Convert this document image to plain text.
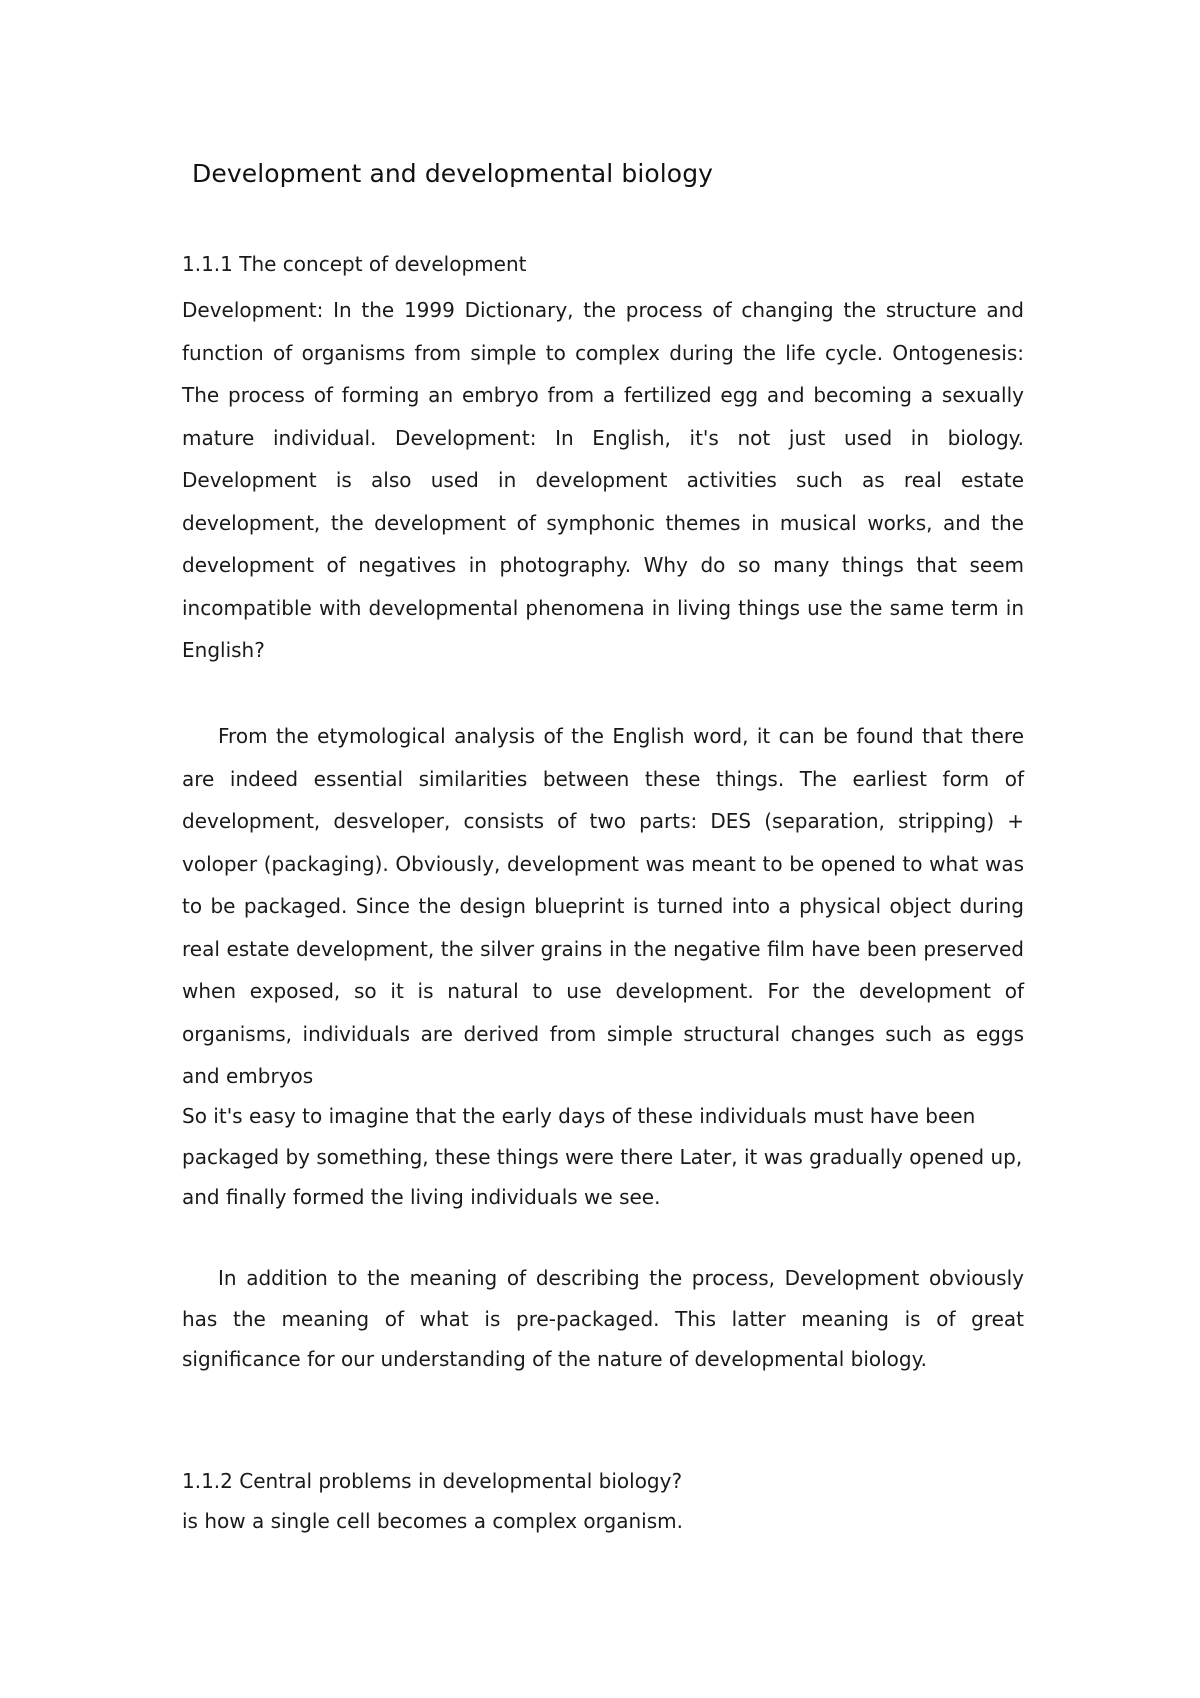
Development and developmental biology

1.1.1 The concept of development

Development: In the 1999 Dictionary, the process of changing the structure and function of organisms from simple to complex during the life cycle. Ontogenesis: The process of forming an embryo from a fertilized egg and becoming a sexually mature individual. Development: In English, it's not just used in biology. Development is also used in development activities such as real estate development, the development of symphonic themes in musical works, and the development of negatives in photography. Why do so many things that seem incompatible with developmental phenomena in living things use the same term in English?

From the etymological analysis of the English word, it can be found that there are indeed essential similarities between these things. The earliest form of development, desveloper, consists of two parts: DES (separation, stripping) + voloper (packaging). Obviously, development was meant to be opened to what was to be packaged. Since the design blueprint is turned into a physical object during real estate development, the silver grains in the negative film have been preserved when exposed, so it is natural to use development. For the development of organisms, individuals are derived from simple structural changes such as eggs and embryos

So it's easy to imagine that the early days of these individuals must have been packaged by something, these things were there Later, it was gradually opened up, and finally formed the living individuals we see.

In addition to the meaning of describing the process, Development obviously has the meaning of what is pre-packaged. This latter meaning is of great significance for our understanding of the nature of developmental biology.

1.1.2 Central problems in developmental biology?

is how a single cell becomes a complex organism.
